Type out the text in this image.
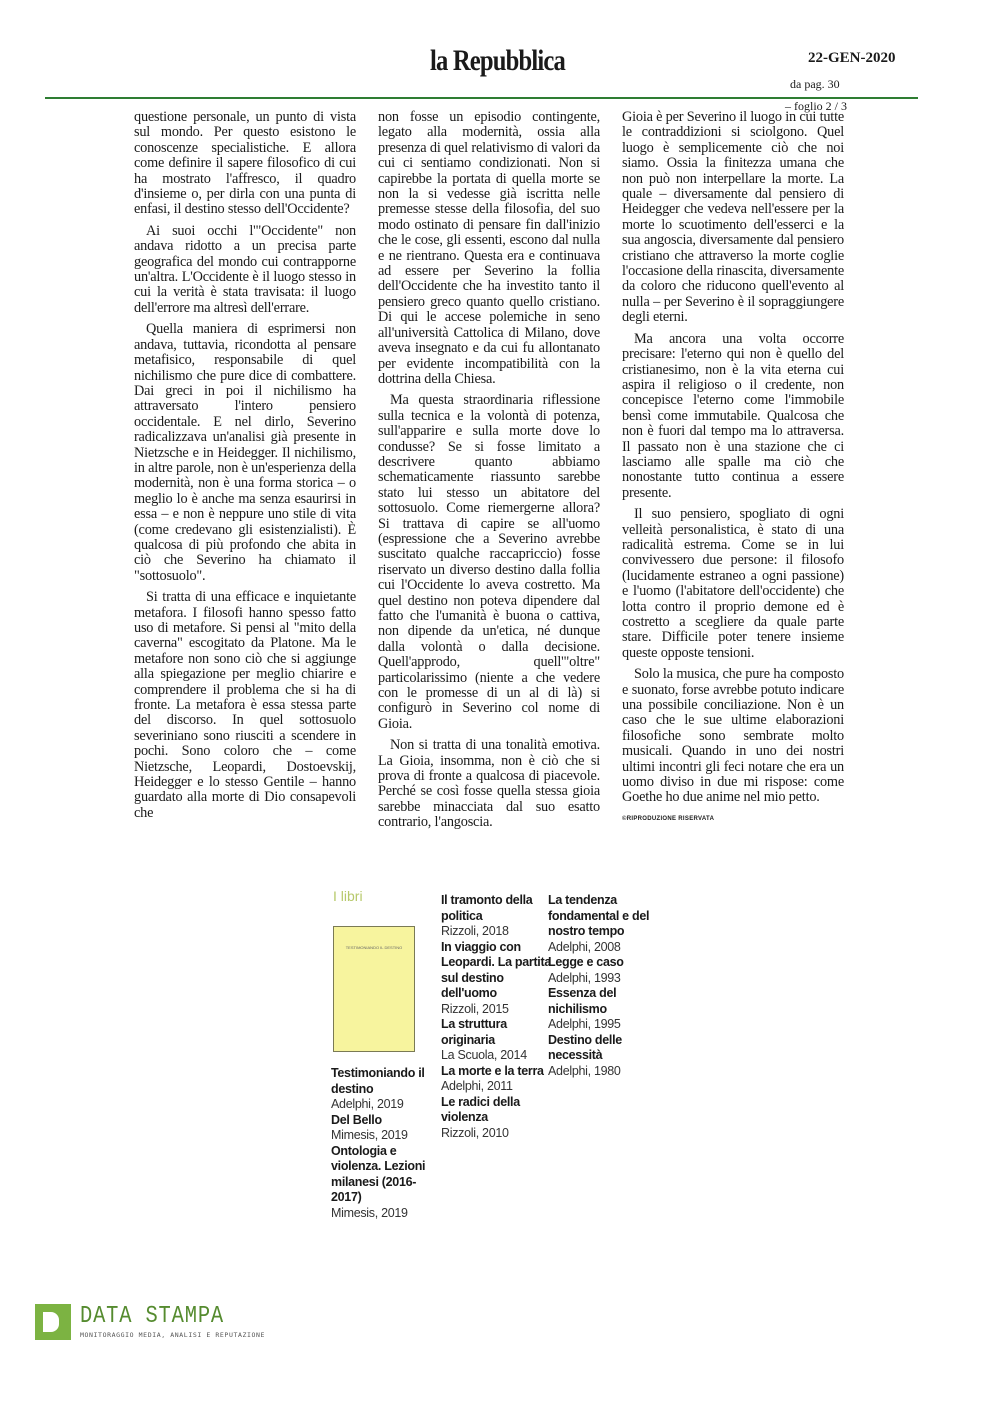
la Repubblica	22-GEN-2020
da pag. 30
– foglio 2 / 3

questione personale, un punto di vista sul mondo. Per questo esistono le conoscenze specialistiche. E allora come definire il sapere filosofico di cui ha mostrato l'affresco, il quadro d'insieme o, per dirla con una punta di enfasi, il destino stesso dell'Occidente?

Ai suoi occhi l'"Occidente" non andava ridotto a un precisa parte geografica del mondo cui contrapporne un'altra. L'Occidente è il luogo stesso in cui la verità è stata travisata: il luogo dell'errore ma altresì dell'errare.

Quella maniera di esprimersi non andava, tuttavia, ricondotta al pensare metafisico, responsabile di quel nichilismo che pure dice di combattere. Dai greci in poi il nichilismo ha attraversato l'intero pensiero occidentale. E nel dirlo, Severino radicalizzava un'analisi già presente in Nietzsche e in Heidegger. Il nichilismo, in altre parole, non è un'esperienza della modernità, non è una forma storica – o meglio lo è anche ma senza esaurirsi in essa – e non è neppure uno stile di vita (come credevano gli esistenzialisti). È qualcosa di più profondo che abita in ciò che Severino ha chiamato il "sottosuolo".

Si tratta di una efficace e inquietante metafora. I filosofi hanno spesso fatto uso di metafore. Si pensi al "mito della caverna" escogitato da Platone. Ma le metafore non sono ciò che si aggiunge alla spiegazione per meglio chiarire e comprendere il problema che si ha di fronte. La metafora è essa stessa parte del discorso. In quel sottosuolo severiniano sono riusciti a scendere in pochi. Sono coloro che – come Nietzsche, Leopardi, Dostoevskij, Heidegger e lo stesso Gentile – hanno guardato alla morte di Dio consapevoli che

non fosse un episodio contingente, legato alla modernità, ossia alla presenza di quel relativismo di valori da cui ci sentiamo condizionati. Non si capirebbe la portata di quella morte se non la si vedesse già iscritta nelle premesse stesse della filosofia, del suo modo ostinato di pensare fin dall'inizio che le cose, gli essenti, escono dal nulla e ne rientrano. Questa era e continuava ad essere per Severino la follia dell'Occidente che ha investito tanto il pensiero greco quanto quello cristiano. Di qui le accese polemiche in seno all'università Cattolica di Milano, dove aveva insegnato e da cui fu allontanato per evidente incompatibilità con la dottrina della Chiesa.

Ma questa straordinaria riflessione sulla tecnica e la volontà di potenza, sull'apparire e sulla morte dove lo condusse? Se si fosse limitato a descrivere quanto abbiamo schematicamente riassunto sarebbe stato lui stesso un abitatore del sottosuolo. Come riemergerne allora? Si trattava di capire se all'uomo (espressione che a Severino avrebbe suscitato qualche raccapriccio) fosse riservato un diverso destino dalla follia cui l'Occidente lo aveva costretto. Ma quel destino non poteva dipendere dal fatto che l'umanità è buona o cattiva, non dipende da un'etica, né dunque dalla volontà o dalla decisione. Quell'approdo, quell'"oltre" particolarissimo (niente a che vedere con le promesse di un al di là) si configurò in Severino col nome di Gioia.

Non si tratta di una tonalità emotiva. La Gioia, insomma, non è ciò che si prova di fronte a qualcosa di piacevole. Perché se così fosse quella stessa gioia sarebbe minacciata dal suo esatto contrario, l'angoscia.

Gioia è per Severino il luogo in cui tutte le contraddizioni si sciolgono. Quel luogo è semplicemente ciò che noi siamo. Ossia la finitezza umana che non può non interpellare la morte. La quale – diversamente dal pensiero di Heidegger che vedeva nell'essere per la morte lo scuotimento dell'esserci e la sua angoscia, diversamente dal pensiero cristiano che attraverso la morte coglie l'occasione della rinascita, diversamente da coloro che riducono quell'evento al nulla – per Severino è il sopraggiungere degli eterni.

Ma ancora una volta occorre precisare: l'eterno qui non è quello del cristianesimo, non è la vita eterna cui aspira il religioso o il credente, non concepisce l'eterno come l'immobile bensì come immutabile. Qualcosa che non è fuori dal tempo ma lo attraversa. Il passato non è una stazione che ci lasciamo alle spalle ma ciò che nonostante tutto continua a essere presente.

Il suo pensiero, spogliato di ogni velleità personalistica, è stato di una radicalità estrema. Come se in lui convivessero due persone: il filosofo (lucidamente estraneo a ogni passione) e l'uomo (l'abitatore dell'occidente) che lotta contro il proprio demone ed è costretto a scegliere da quale parte stare. Difficile poter tenere insieme queste opposte tensioni.

Solo la musica, che pure ha composto e suonato, forse avrebbe potuto indicare una possibile conciliazione. Non è un caso che le sue ultime elaborazioni filosofiche sono sembrate molto musicali. Quando in uno dei nostri ultimi incontri gli feci notare che era un uomo diviso in due mi rispose: come Goethe ho due anime nel mio petto.

©RIPRODUZIONE RISERVATA
I libri
TESTIMONIANDO IL DESTINO
Testimoniando il destino
Adelphi, 2019
Del Bello
Mimesis, 2019
Ontologia e violenza. Lezioni milanesi (2016-2017)
Mimesis, 2019
Il tramonto della politica
Rizzoli, 2018
In viaggio con Leopardi. La partita sul destino dell'uomo
Rizzoli, 2015
La struttura originaria
La Scuola, 2014
La morte e la terra
Adelphi, 2011
Le radici della violenza
Rizzoli, 2010
La tendenza fondamental e del nostro tempo
Adelphi, 2008
Legge e caso
Adelphi, 1993
Essenza del nichilismo
Adelphi, 1995
Destino delle necessità
Adelphi, 1980
DATA STAMPA
MONITORAGGIO MEDIA, ANALISI E REPUTAZIONE
